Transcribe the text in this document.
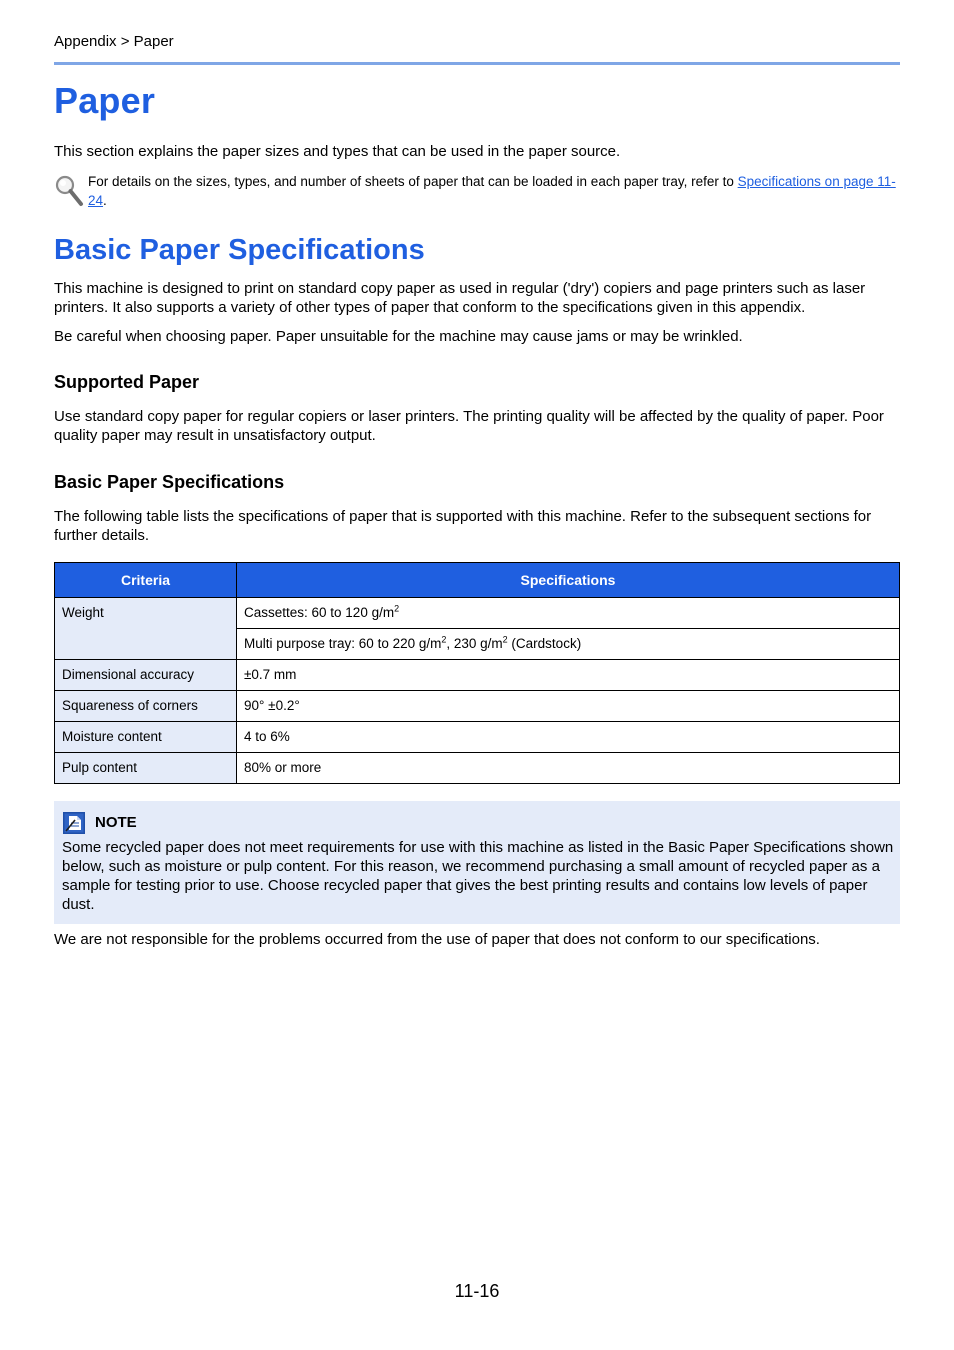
Appendix > Paper
Paper

This section explains the paper sizes and types that can be used in the paper source.

For details on the sizes, types, and number of sheets of paper that can be loaded in each paper tray, refer to Specifications on page 11-24.
Basic Paper Specifications

This machine is designed to print on standard copy paper as used in regular ('dry') copiers and page printers such as laser printers. It also supports a variety of other types of paper that conform to the specifications given in this appendix.

Be careful when choosing paper. Paper unsuitable for the machine may cause jams or may be wrinkled.

Supported Paper

Use standard copy paper for regular copiers or laser printers. The printing quality will be affected by the quality of paper. Poor quality paper may result in unsatisfactory output.

Basic Paper Specifications

The following table lists the specifications of paper that is supported with this machine. Refer to the subsequent sections for further details.

Criteria	Specifications
Weight	Cassettes: 60 to 120 $g/m^2$
	Multi purpose tray: 60 to 220 $g/m^2$, 230 $g/m^2$ (Cardstock)
Dimensional accuracy	±0.7 mm
Squareness of corners	90° ±0.2°
Moisture content	4 to 6%
Pulp content	80% or more
NOTE
Some recycled paper does not meet requirements for use with this machine as listed in the Basic Paper Specifications shown below, such as moisture or pulp content. For this reason, we recommend purchasing a small amount of recycled paper as a sample for testing prior to use. Choose recycled paper that gives the best printing results and contains low levels of paper dust.

We are not responsible for the problems occurred from the use of paper that does not conform to our specifications.

11-16
